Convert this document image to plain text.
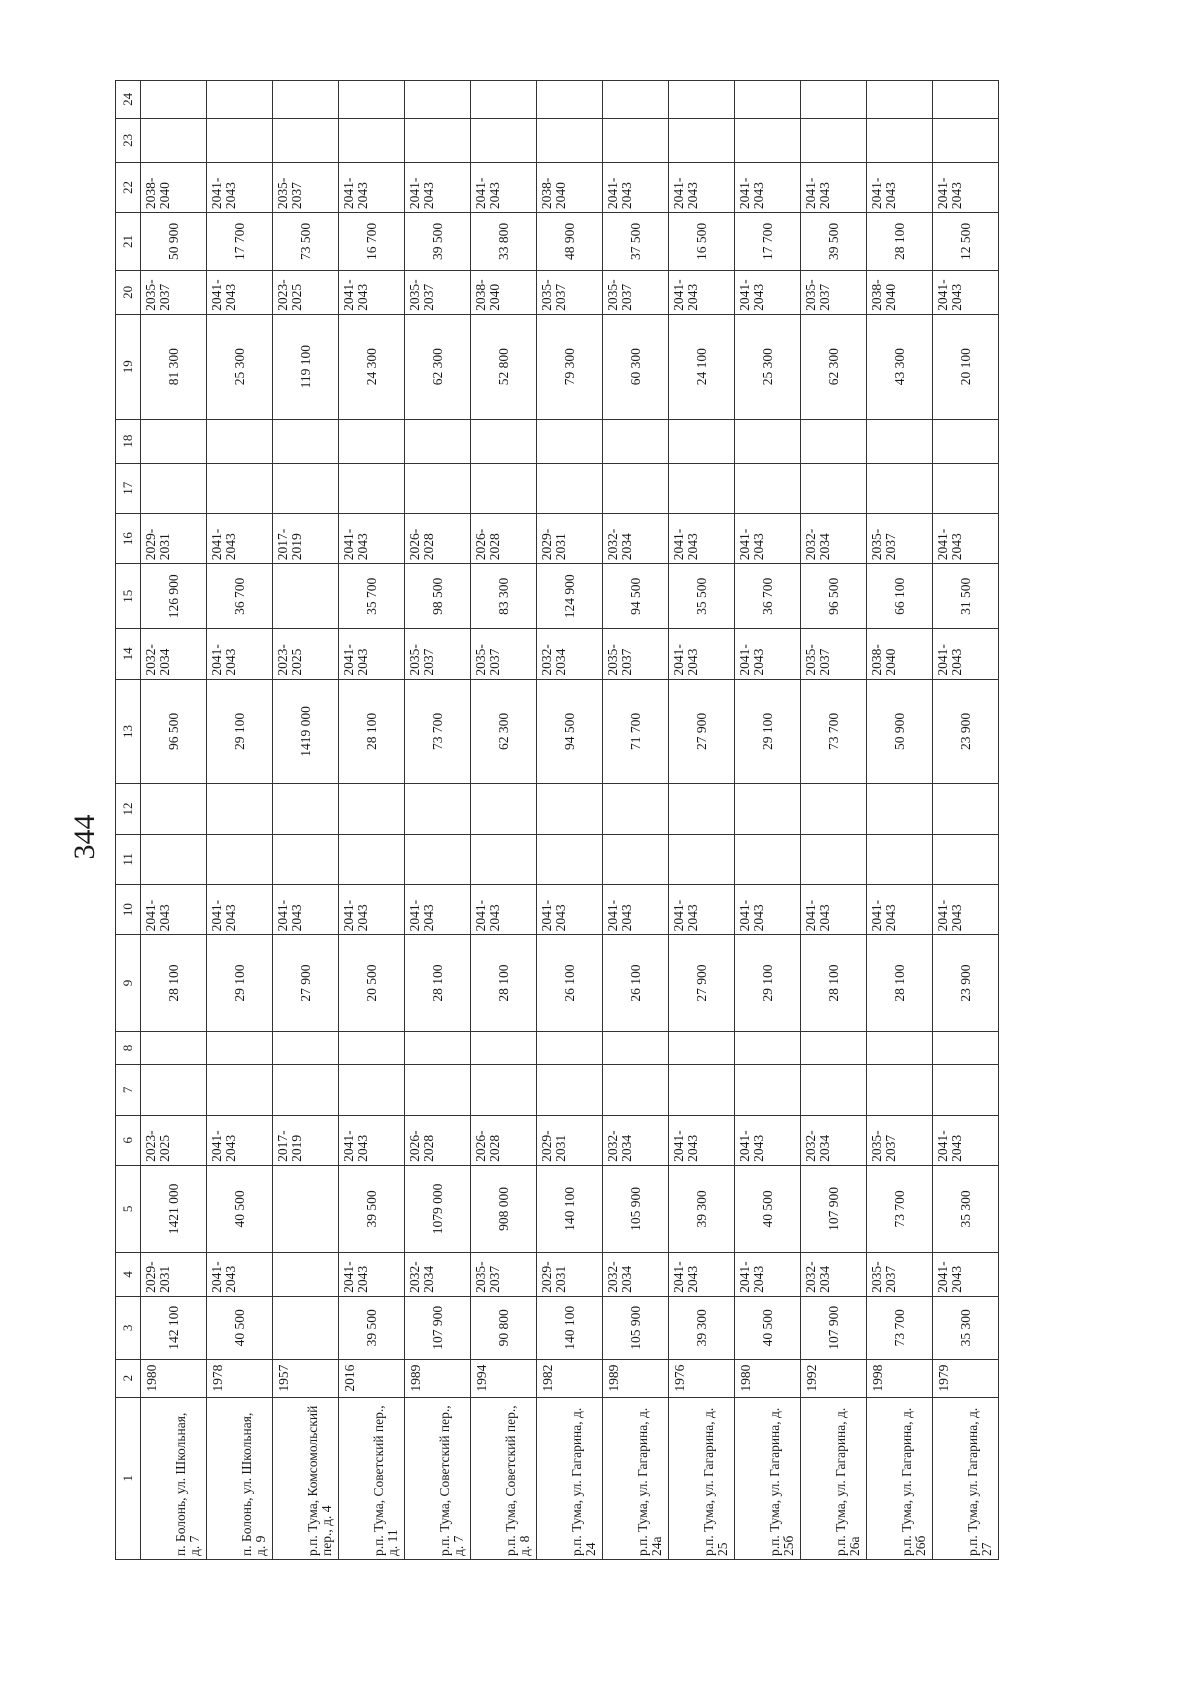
344
1	2	3	4	5	6	7	8	9	10	11	12	13	14	15	16	17	18	19	20	21	22	23	24
п. Болонь, ул. Школьная, д. 7	1980	142 100	2029-2031	1421 000	2023-2025			28 100	2041-2043			96 500	2032-2034	126 900	2029-2031			81 300	2035-2037	50 900	2038-2040		
п. Болонь, ул. Школьная, д. 9	1978	40 500	2041-2043	40 500	2041-2043			29 100	2041-2043			29 100	2041-2043	36 700	2041-2043			25 300	2041-2043	17 700	2041-2043		
р.п. Тума, Комсомольский пер., д. 4	1957				2017-2019			27 900	2041-2043			1419 000	2023-2025		2017-2019			119 100	2023-2025	73 500	2035-2037		
р.п. Тума, Советский пер., д. 11	2016	39 500	2041-2043	39 500	2041-2043			20 500	2041-2043			28 100	2041-2043	35 700	2041-2043			24 300	2041-2043	16 700	2041-2043		
р.п. Тума, Советский пер., д. 7	1989	107 900	2032-2034	1079 000	2026-2028			28 100	2041-2043			73 700	2035-2037	98 500	2026-2028			62 300	2035-2037	39 500	2041-2043		
р.п. Тума, Советский пер., д. 8	1994	90 800	2035-2037	908 000	2026-2028			28 100	2041-2043			62 300	2035-2037	83 300	2026-2028			52 800	2038-2040	33 800	2041-2043		
р.п. Тума, ул. Гагарина, д. 24	1982	140 100	2029-2031	140 100	2029-2031			26 100	2041-2043			94 500	2032-2034	124 900	2029-2031			79 300	2035-2037	48 900	2038-2040		
р.п. Тума, ул. Гагарина, д. 24а	1989	105 900	2032-2034	105 900	2032-2034			26 100	2041-2043			71 700	2035-2037	94 500	2032-2034			60 300	2035-2037	37 500	2041-2043		
р.п. Тума, ул. Гагарина, д. 25	1976	39 300	2041-2043	39 300	2041-2043			27 900	2041-2043			27 900	2041-2043	35 500	2041-2043			24 100	2041-2043	16 500	2041-2043		
р.п. Тума, ул. Гагарина, д. 25б	1980	40 500	2041-2043	40 500	2041-2043			29 100	2041-2043			29 100	2041-2043	36 700	2041-2043			25 300	2041-2043	17 700	2041-2043		
р.п. Тума, ул. Гагарина, д. 26а	1992	107 900	2032-2034	107 900	2032-2034			28 100	2041-2043			73 700	2035-2037	96 500	2032-2034			62 300	2035-2037	39 500	2041-2043		
р.п. Тума, ул. Гагарина, д. 26б	1998	73 700	2035-2037	73 700	2035-2037			28 100	2041-2043			50 900	2038-2040	66 100	2035-2037			43 300	2038-2040	28 100	2041-2043		
р.п. Тума, ул. Гагарина, д. 27	1979	35 300	2041-2043	35 300	2041-2043			23 900	2041-2043			23 900	2041-2043	31 500	2041-2043			20 100	2041-2043	12 500	2041-2043		
